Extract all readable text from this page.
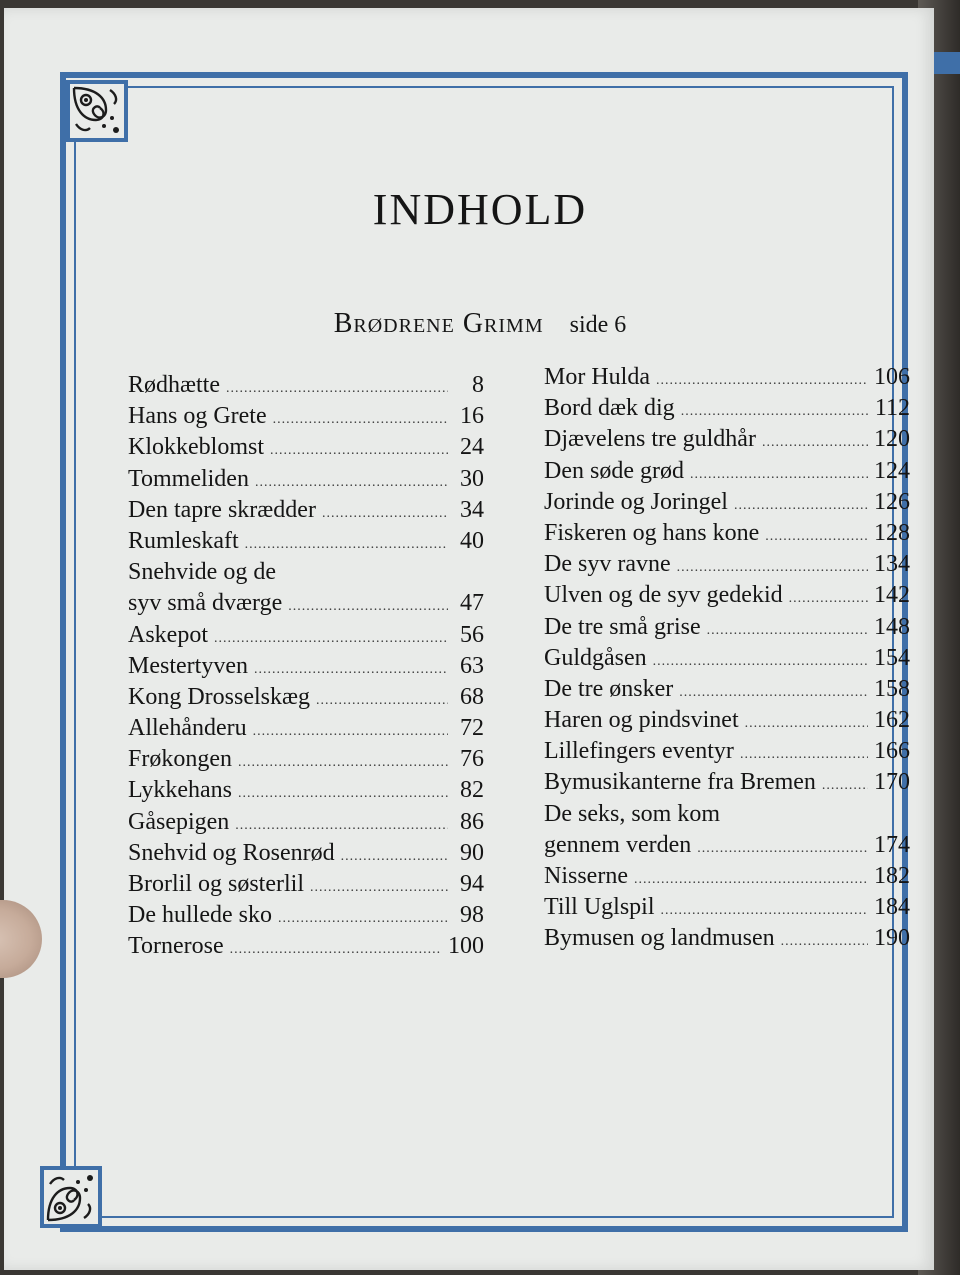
INDHOLD
Brødrene Grimm side 6
Rødhætte .....	8
Hans og Grete .....	16
Klokkeblomst .....	24
Tommeliden .....	30
Den tapre skrædder .....	34
Rumleskaft .....	40
Snehvide og de
syv små dværge .....	47
Askepot .....	56
Mestertyven .....	63
Kong Drosselskæg .....	68
Allehånderu .....	72
Frøkongen .....	76
Lykkehans .....	82
Gåsepigen .....	86
Snehvid og Rosenrød .....	90
Brorlil og søsterlil .....	94
De hullede sko .....	98
Tornerose .....	100
Mor Hulda .....	106
Bord dæk dig .....	112
Djævelens tre guldhår .....	120
Den søde grød .....	124
Jorinde og Joringel .....	126
Fiskeren og hans kone .....	128
De syv ravne .....	134
Ulven og de syv gedekid .....	142
De tre små grise .....	148
Guldgåsen .....	154
De tre ønsker .....	158
Haren og pindsvinet .....	162
Lillefingers eventyr .....	166
Bymusikanterne fra Bremen ..... 170
De seks, som kom
gennem verden .....	174
Nisserne .....	182
Till Uglspil .....	184
Bymusen og landmusen .....	190
